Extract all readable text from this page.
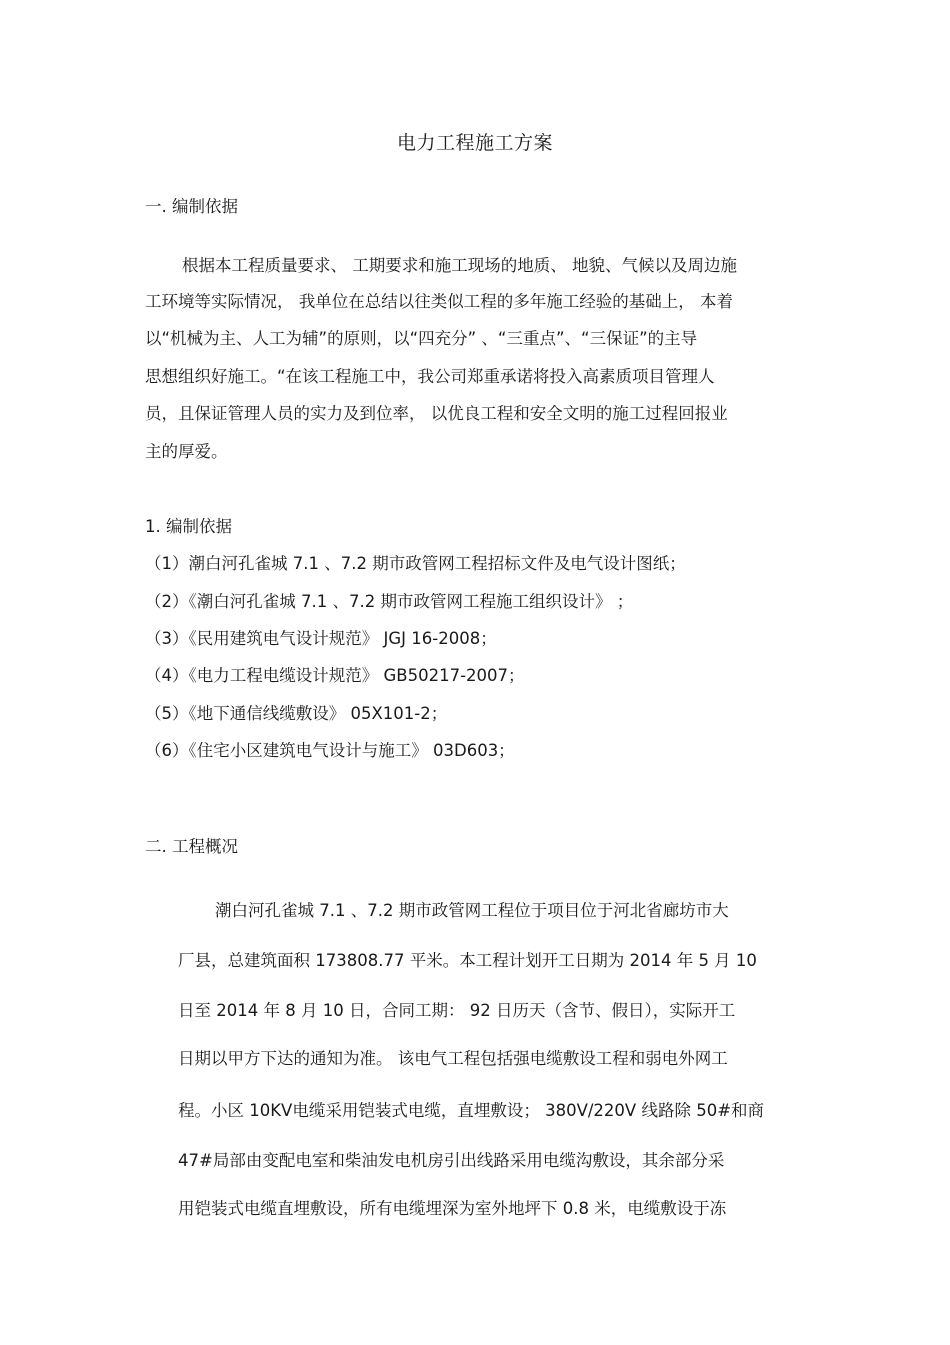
电力工程施工方案
一. 编制依据
根据本工程质量要求、 工期要求和施工现场的地质、 地貌、气候以及周边施
工环境等实际情况， 我单位在总结以往类似工程的多年施工经验的基础上， 本着
以“机械为主、人工为辅”的原则，以“四充分” 、“三重点”、“三保证”的主导
思想组织好施工。“在该工程施工中，我公司郑重承诺将投入高素质项目管理人
员，且保证管理人员的实力及到位率， 以优良工程和安全文明的施工过程回报业
主的厚爱。
1. 编制依据
（1）潮白河孔雀城 7.1 、7.2 期市政管网工程招标文件及电气设计图纸；
（2）《潮白河孔雀城 7.1 、7.2 期市政管网工程施工组织设计》 ；
（3）《民用建筑电气设计规范》 JGJ 16-2008；
（4）《电力工程电缆设计规范》 GB50217-2007；
（5）《地下通信线缆敷设》 05X101-2；
（6）《住宅小区建筑电气设计与施工》 03D603；
二. 工程概况
潮白河孔雀城 7.1 、7.2 期市政管网工程位于项目位于河北省廊坊市大
厂县，总建筑面积 173808.77 平米。本工程计划开工日期为 2014 年 5 月 10
日至 2014 年 8 月 10 日，合同工期： 92 日历天（含节、假日），实际开工
日期以甲方下达的通知为准。 该电气工程包括强电缆敷设工程和弱电外网工
程。小区 10KV电缆采用铠装式电缆，直埋敷设； 380V/220V 线路除 50#和商
47#局部由变配电室和柴油发电机房引出线路采用电缆沟敷设，其余部分采
用铠装式电缆直埋敷设，所有电缆埋深为室外地坪下 0.8 米，电缆敷设于冻
